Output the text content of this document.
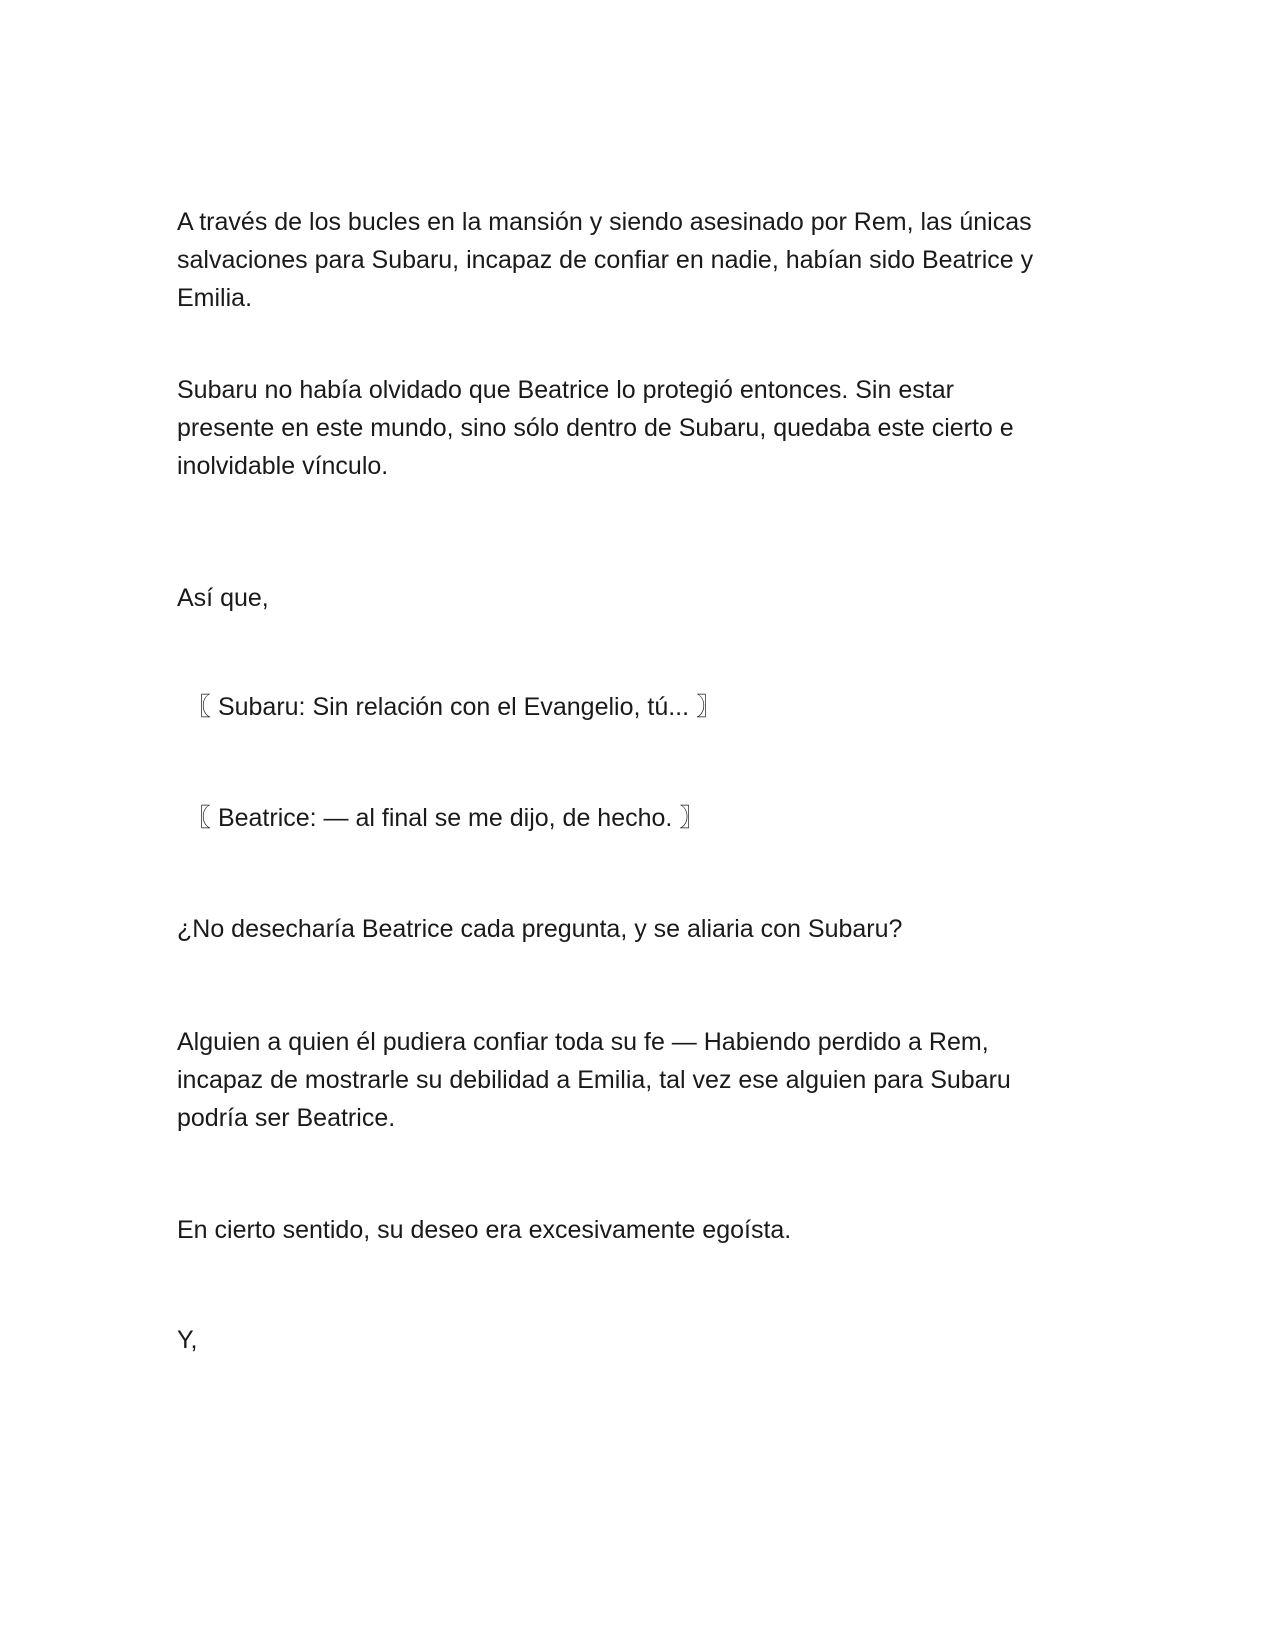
A través de los bucles en la mansión y siendo asesinado por Rem, las únicas
salvaciones para Subaru, incapaz de confiar en nadie, habían sido Beatrice y
Emilia.

Subaru no había olvidado que Beatrice lo protegió entonces. Sin estar
presente en este mundo, sino sólo dentro de Subaru, quedaba este cierto e
inolvidable vínculo.

Así que,

〖 Subaru: Sin relación con el Evangelio, tú... 〗

〖 Beatrice: — al final se me dijo, de hecho. 〗

¿No desecharía Beatrice cada pregunta, y se aliaria con Subaru?

Alguien a quien él pudiera confiar toda su fe — Habiendo perdido a Rem,
incapaz de mostrarle su debilidad a Emilia, tal vez ese alguien para Subaru
podría ser Beatrice.

En cierto sentido, su deseo era excesivamente egoísta.

Y,
